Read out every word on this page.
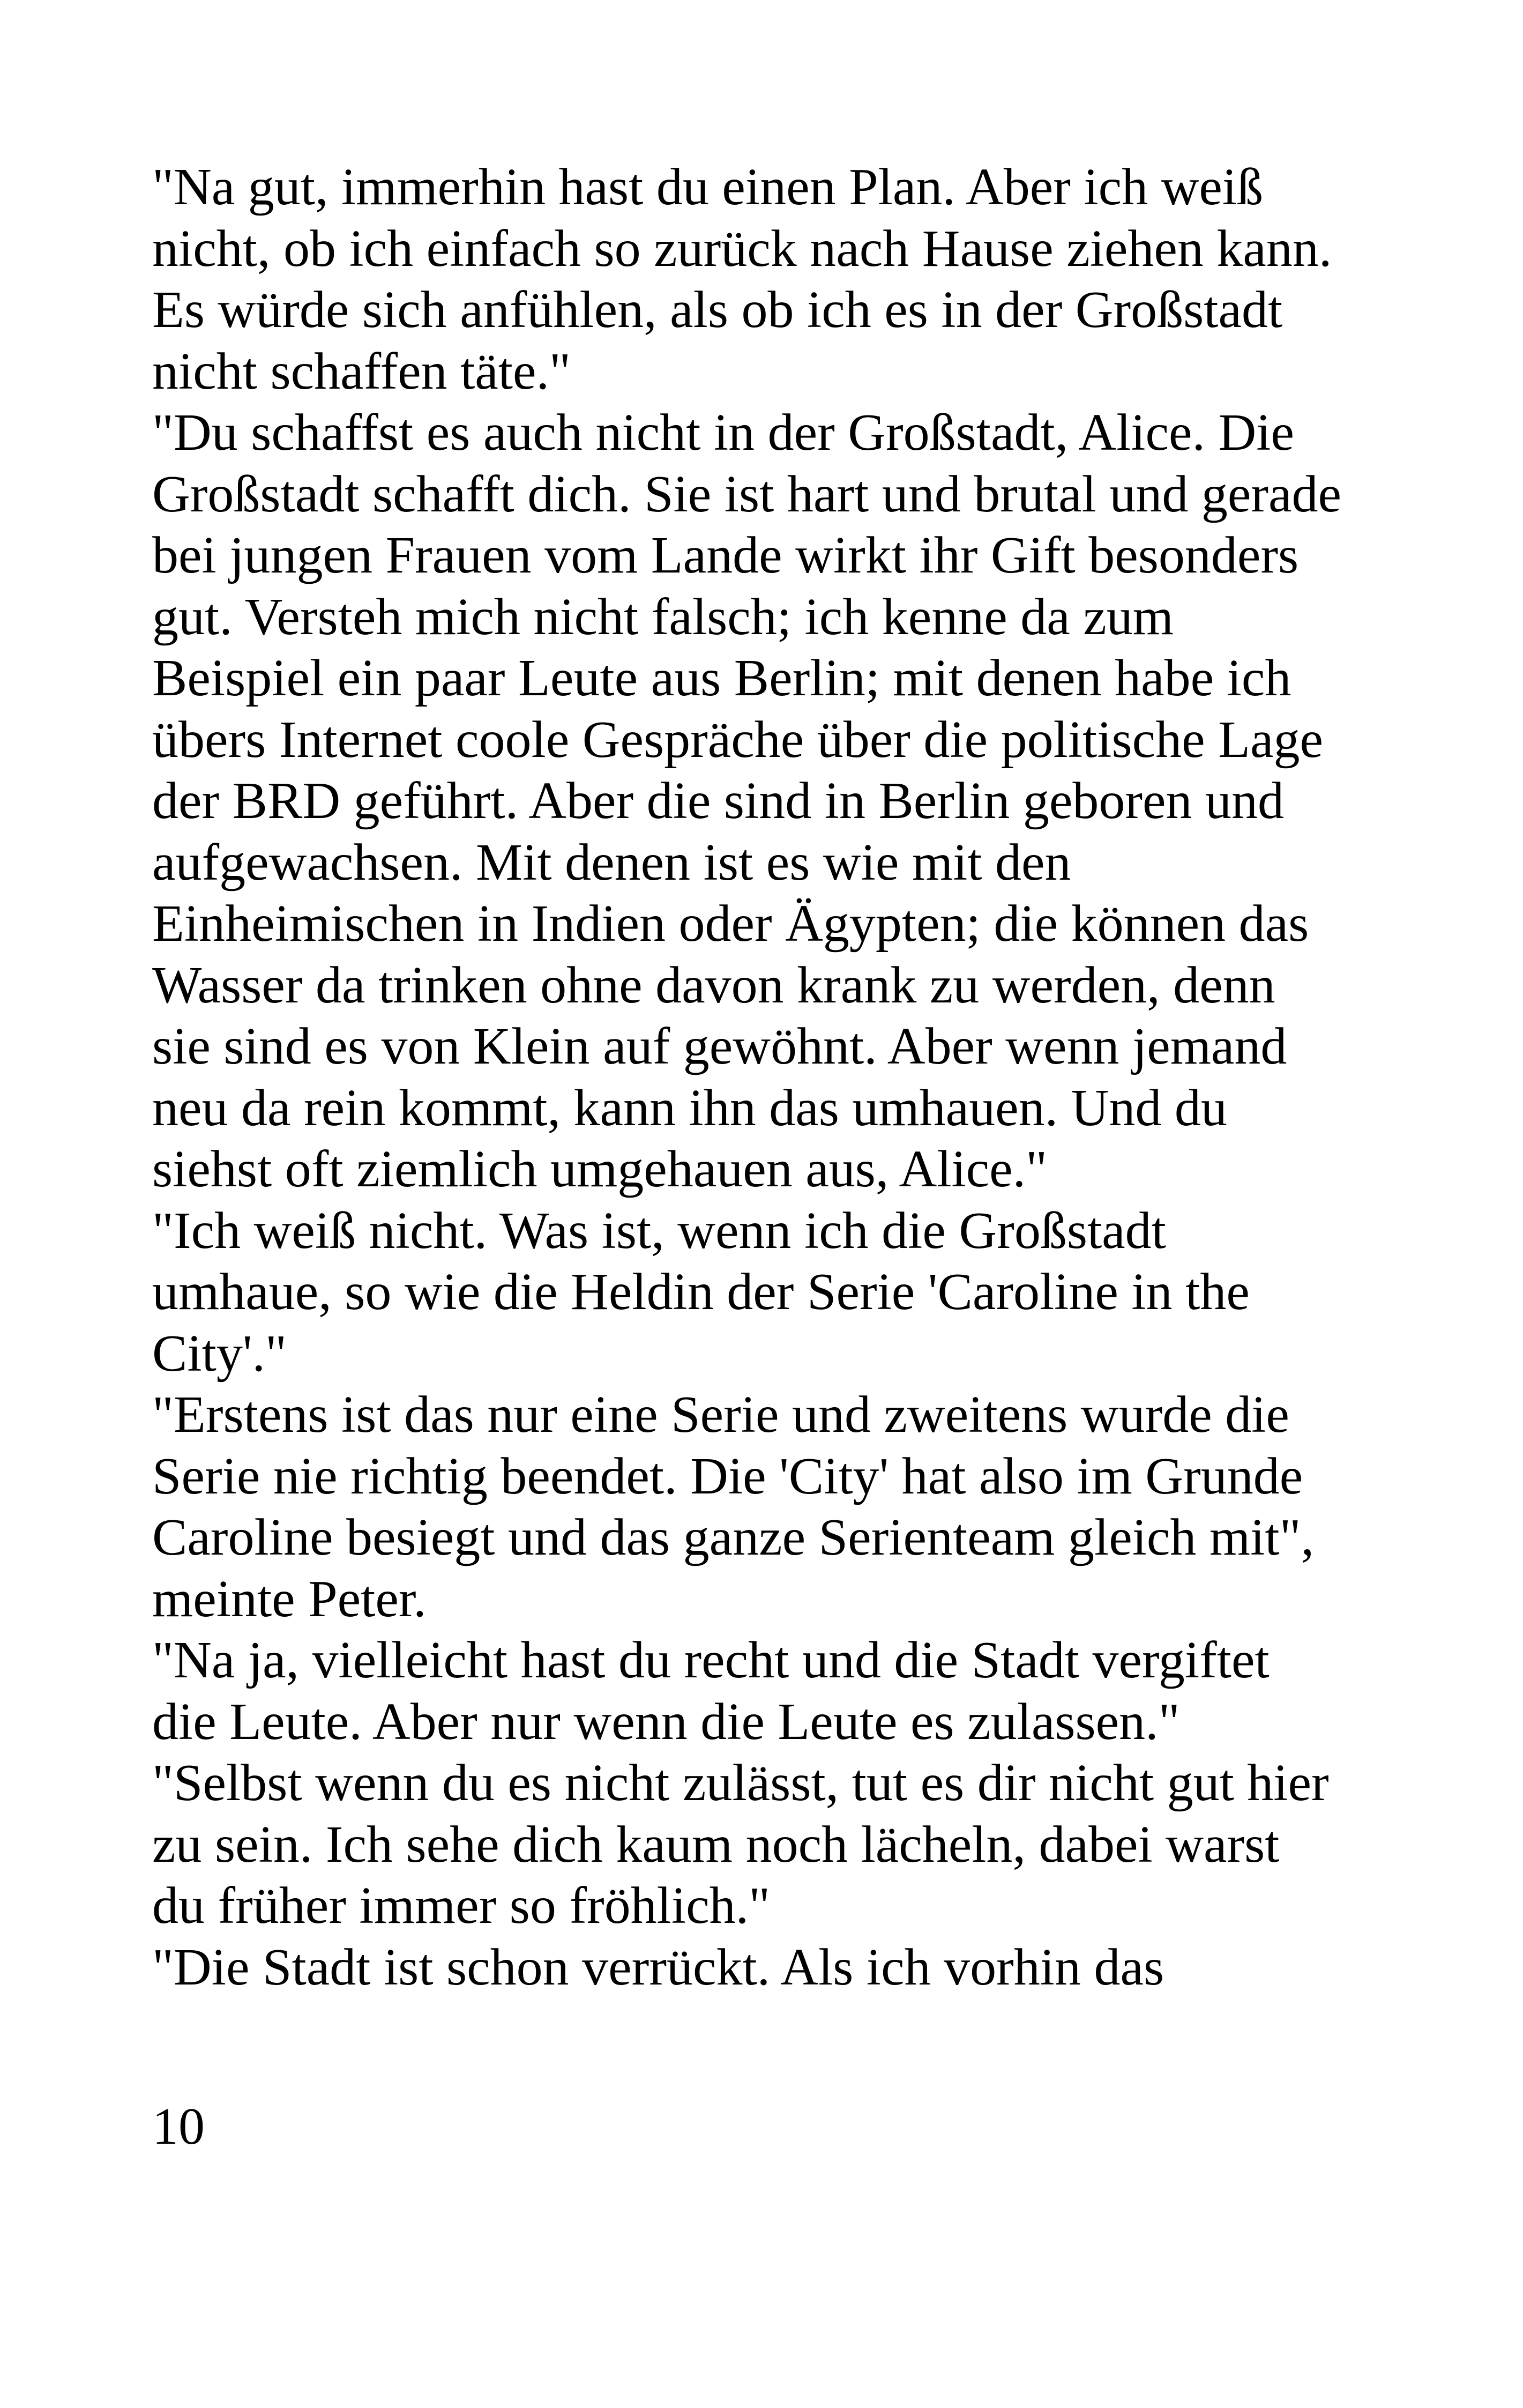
"Na gut, immerhin hast du einen Plan. Aber ich weiß
nicht, ob ich einfach so zurück nach Hause ziehen kann.
Es würde sich anfühlen, als ob ich es in der Großstadt
nicht schaffen täte."
"Du schaffst es auch nicht in der Großstadt, Alice. Die
Großstadt schafft dich. Sie ist hart und brutal und gerade
bei jungen Frauen vom Lande wirkt ihr Gift besonders
gut. Versteh mich nicht falsch; ich kenne da zum
Beispiel ein paar Leute aus Berlin; mit denen habe ich
übers Internet coole Gespräche über die politische Lage
der BRD geführt. Aber die sind in Berlin geboren und
aufgewachsen. Mit denen ist es wie mit den
Einheimischen in Indien oder Ägypten; die können das
Wasser da trinken ohne davon krank zu werden, denn
sie sind es von Klein auf gewöhnt. Aber wenn jemand
neu da rein kommt, kann ihn das umhauen. Und du
siehst oft ziemlich umgehauen aus, Alice."
"Ich weiß nicht. Was ist, wenn ich die Großstadt
umhaue, so wie die Heldin der Serie 'Caroline in the
City'."
"Erstens ist das nur eine Serie und zweitens wurde die
Serie nie richtig beendet. Die 'City' hat also im Grunde
Caroline besiegt und das ganze Serienteam gleich mit",
meinte Peter.
"Na ja, vielleicht hast du recht und die Stadt vergiftet
die Leute. Aber nur wenn die Leute es zulassen."
"Selbst wenn du es nicht zulässt, tut es dir nicht gut hier
zu sein. Ich sehe dich kaum noch lächeln, dabei warst
du früher immer so fröhlich."
"Die Stadt ist schon verrückt. Als ich vorhin das
10
